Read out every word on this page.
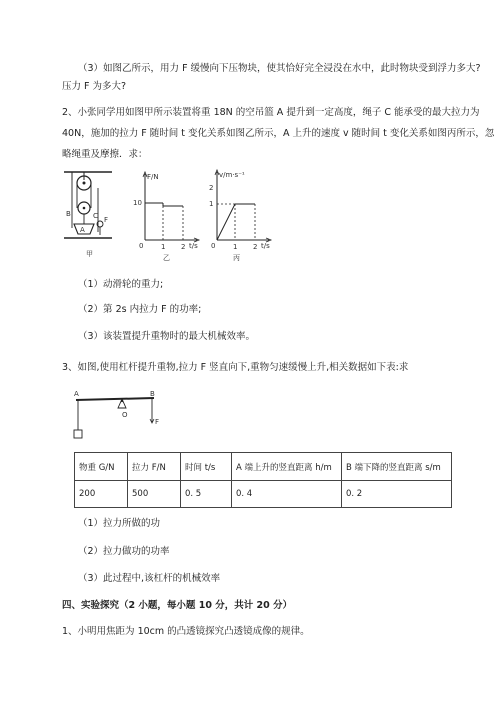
（3）如图乙所示，用力 F 缓慢向下压物块，使其恰好完全浸没在水中，此时物块受到浮力多大?
压力 F 为多大?
2、小张同学用如图甲所示装置将重 18N 的空吊篮 A 提升到一定高度，绳子 C 能承受的最大拉力为
40N，施加的拉力 F 随时间 t 变化关系如图乙所示，A 上升的速度 v 随时间 t 变化关系如图丙所示，忽
略绳重及摩擦．求：
B	C
A
F
甲
F/N
10
0	1 2 t/s
乙
v/m·s⁻¹
2
1
0	1 2 t/s
丙
（1）动滑轮的重力;
（2）第 2s 内拉力 F 的功率;
（3）该装置提升重物时的最大机械效率。
3、如图,使用杠杆提升重物,拉力 F 竖直向下,重物匀速缓慢上升,相关数据如下表:求
A	B
O
F
物重 G/N	拉力 F/N	时间 t/s	A 端上升的竖直距离 h/m	B 端下降的竖直距离 s/m
200	500	0. 5	0. 4	0. 2
（1）拉力所做的功
（2）拉力做功的功率
（3）此过程中,该杠杆的机械效率
四、实验探究（2 小题，每小题 10 分，共计 20 分）
1、小明用焦距为 10cm 的凸透镜探究凸透镜成像的规律。
